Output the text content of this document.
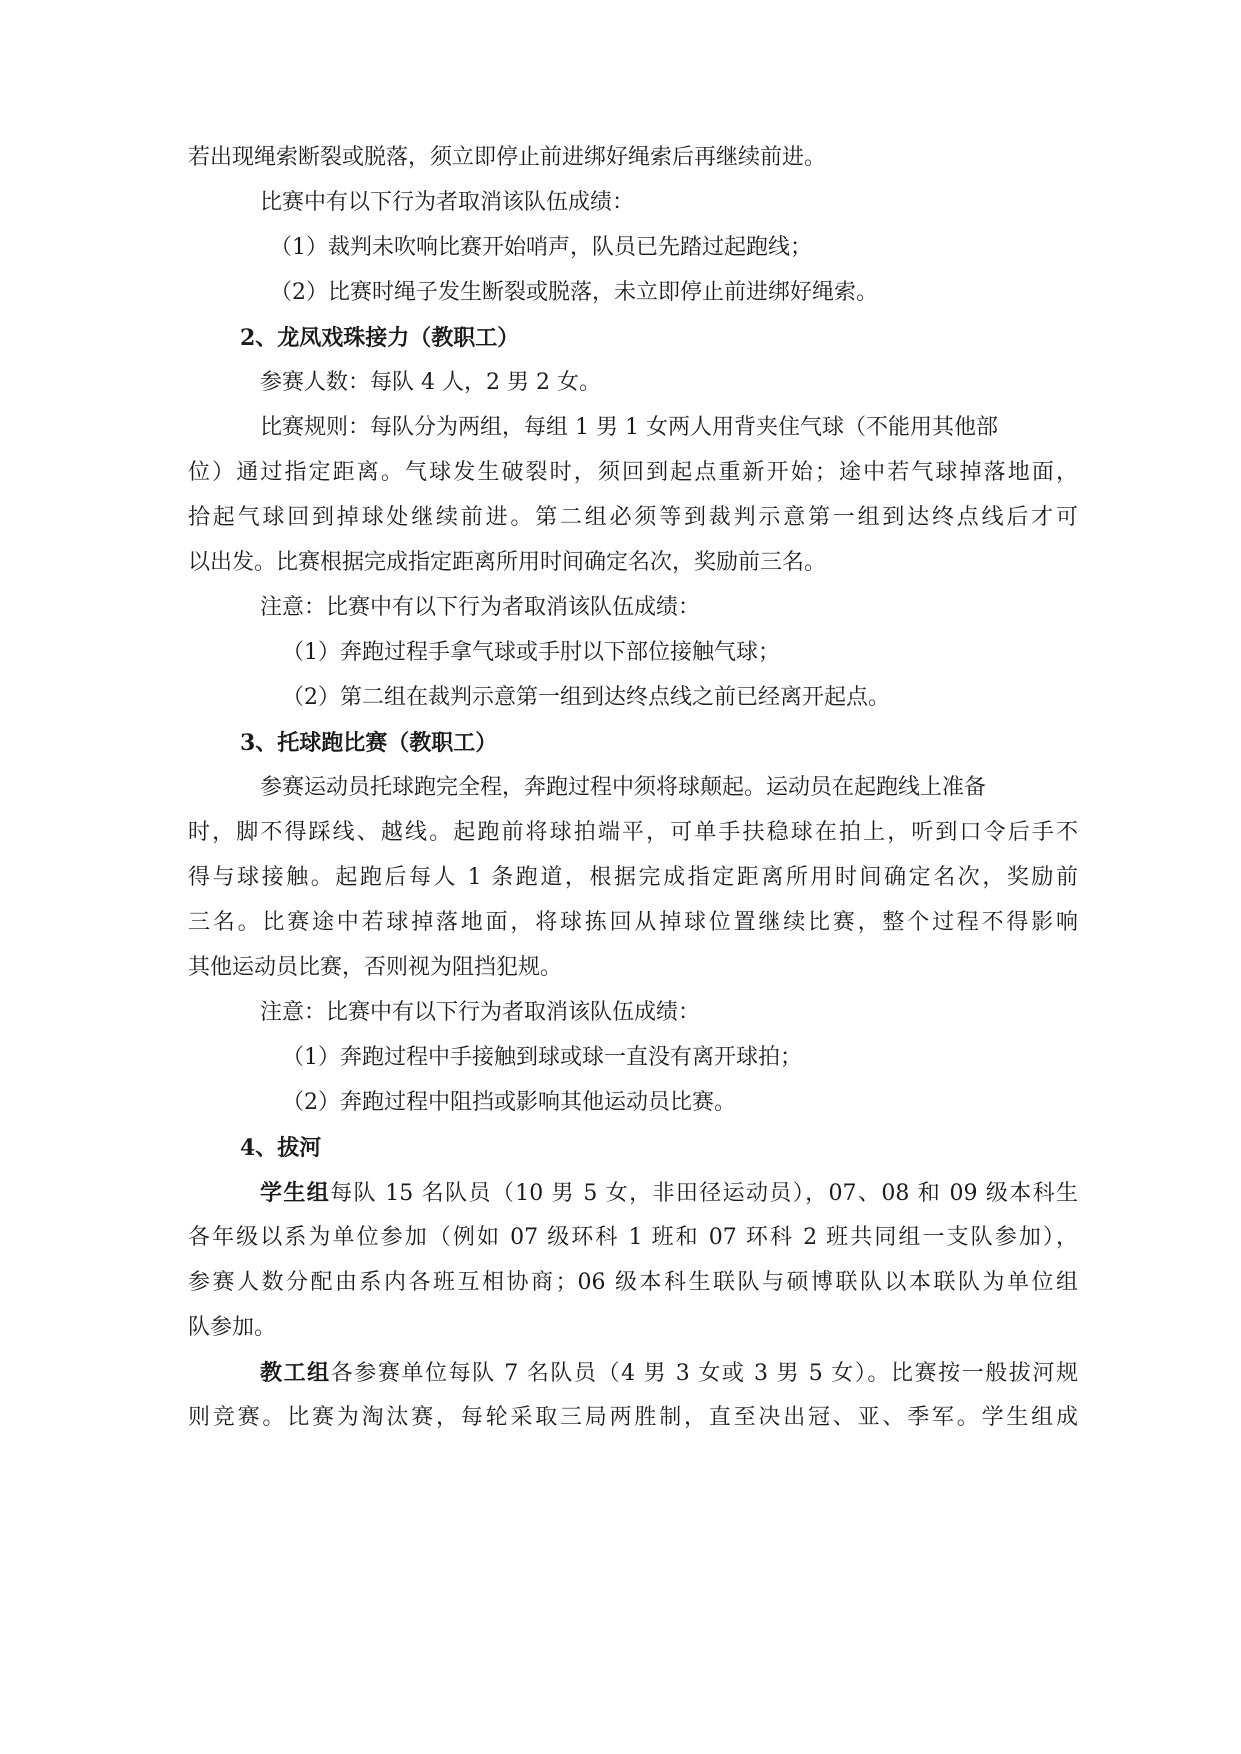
若出现绳索断裂或脱落，须立即停止前进绑好绳索后再继续前进。
比赛中有以下行为者取消该队伍成绩：
（1）裁判未吹响比赛开始哨声，队员已先踏过起跑线；
（2）比赛时绳子发生断裂或脱落，未立即停止前进绑好绳索。
2、龙凤戏珠接力（教职工）
参赛人数：每队 4 人，2 男 2 女。
比赛规则：每队分为两组，每组 1 男 1 女两人用背夹住气球（不能用其他部
位）通过指定距离。气球发生破裂时，须回到起点重新开始；途中若气球掉落地面，
拾起气球回到掉球处继续前进。第二组必须等到裁判示意第一组到达终点线后才可
以出发。比赛根据完成指定距离所用时间确定名次，奖励前三名。
注意：比赛中有以下行为者取消该队伍成绩：
（1）奔跑过程手拿气球或手肘以下部位接触气球；
（2）第二组在裁判示意第一组到达终点线之前已经离开起点。
3、托球跑比赛（教职工）
参赛运动员托球跑完全程，奔跑过程中须将球颠起。运动员在起跑线上准备
时，脚不得踩线、越线。起跑前将球拍端平，可单手扶稳球在拍上，听到口令后手不
得与球接触。起跑后每人 1 条跑道，根据完成指定距离所用时间确定名次，奖励前
三名。比赛途中若球掉落地面，将球拣回从掉球位置继续比赛，整个过程不得影响
其他运动员比赛，否则视为阻挡犯规。
注意：比赛中有以下行为者取消该队伍成绩：
（1）奔跑过程中手接触到球或球一直没有离开球拍；
（2）奔跑过程中阻挡或影响其他运动员比赛。
4、拔河
学生组每队 15 名队员（10 男 5 女，非田径运动员），07、08 和 09 级本科生
各年级以系为单位参加（例如 07 级环科 1 班和 07 环科 2 班共同组一支队参加），
参赛人数分配由系内各班互相协商；06 级本科生联队与硕博联队以本联队为单位组
队参加。
教工组各参赛单位每队 7 名队员（4 男 3 女或 3 男 5 女）。比赛按一般拔河规
则竞赛。比赛为淘汰赛，每轮采取三局两胜制，直至决出冠、亚、季军。学生组成
